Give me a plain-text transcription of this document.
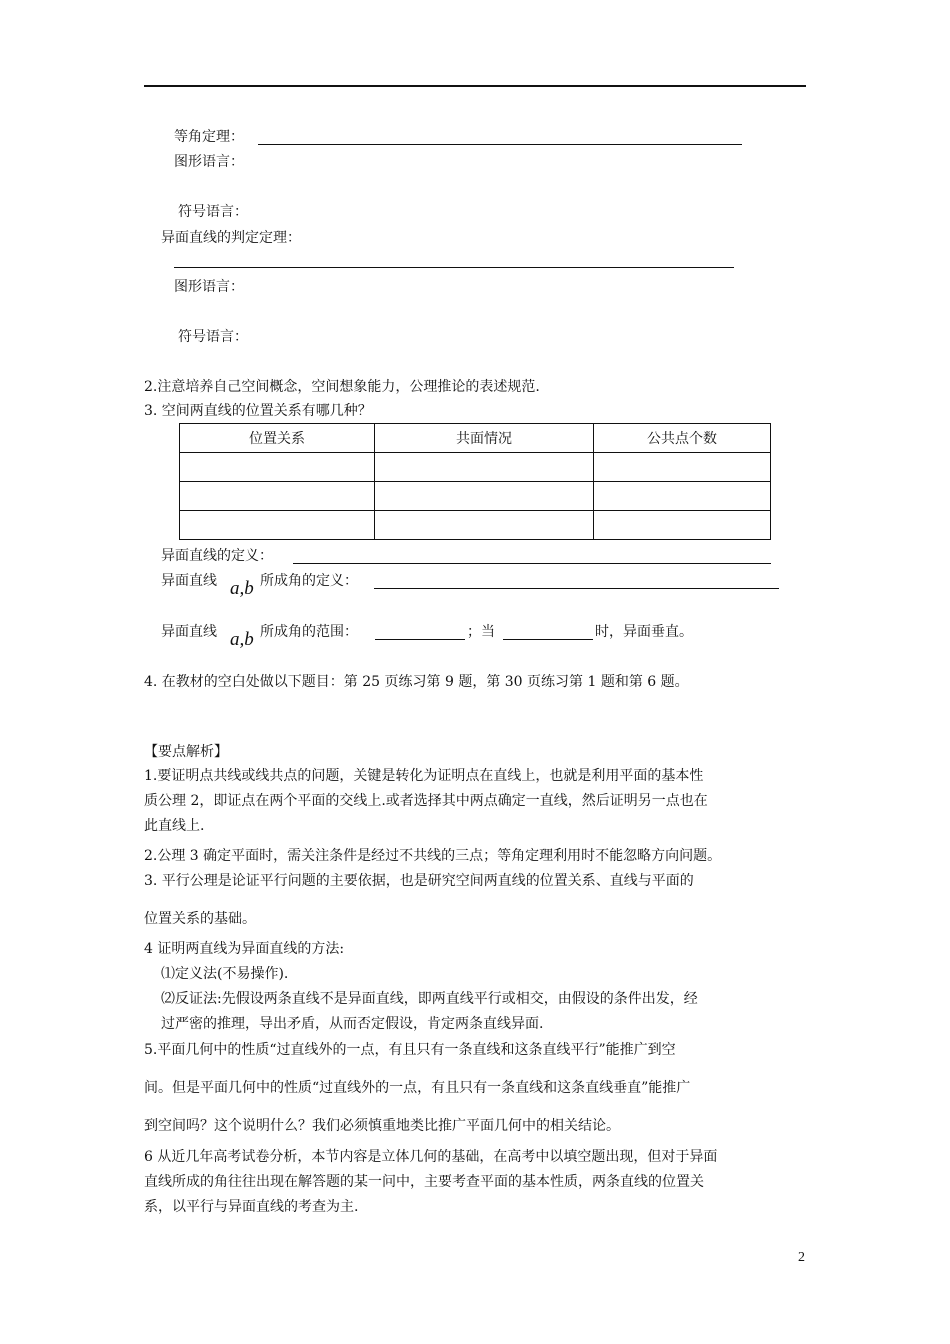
等角定理：
图形语言：
符号语言：
异面直线的判定定理：
图形语言：
符号语言：
2.注意培养自己空间概念，空间想象能力，公理推论的表述规范.
3. 空间两直线的位置关系有哪几种？
位置关系	共面情况	公共点个数

异面直线的定义：
异面直线 a,b 所成角的定义：
异面直线 a,b 所成角的范围：	；当	时，异面垂直。
4. 在教材的空白处做以下题目：第 25 页练习第 9 题，第 30 页练习第 1 题和第 6 题。
【要点解析】
1.要证明点共线或线共点的问题，关键是转化为证明点在直线上，也就是利用平面的基本性
质公理 2，即证点在两个平面的交线上.或者选择其中两点确定一直线，然后证明另一点也在
此直线上.
2.公理 3 确定平面时，需关注条件是经过不共线的三点；等角定理利用时不能忽略方向问题。
3. 平行公理是论证平行问题的主要依据，也是研究空间两直线的位置关系、直线与平面的
位置关系的基础。
4 证明两直线为异面直线的方法:
⑴定义法(不易操作).
⑵反证法:先假设两条直线不是异面直线，即两直线平行或相交，由假设的条件出发，经
过严密的推理，导出矛盾，从而否定假设，肯定两条直线异面.
5.平面几何中的性质“过直线外的一点，有且只有一条直线和这条直线平行”能推广到空
间。但是平面几何中的性质“过直线外的一点，有且只有一条直线和这条直线垂直”能推广
到空间吗？这个说明什么？我们必须慎重地类比推广平面几何中的相关结论。
6 从近几年高考试卷分析，本节内容是立体几何的基础，在高考中以填空题出现，但对于异面
直线所成的角往往出现在解答题的某一问中，主要考查平面的基本性质，两条直线的位置关
系，以平行与异面直线的考查为主.
2
